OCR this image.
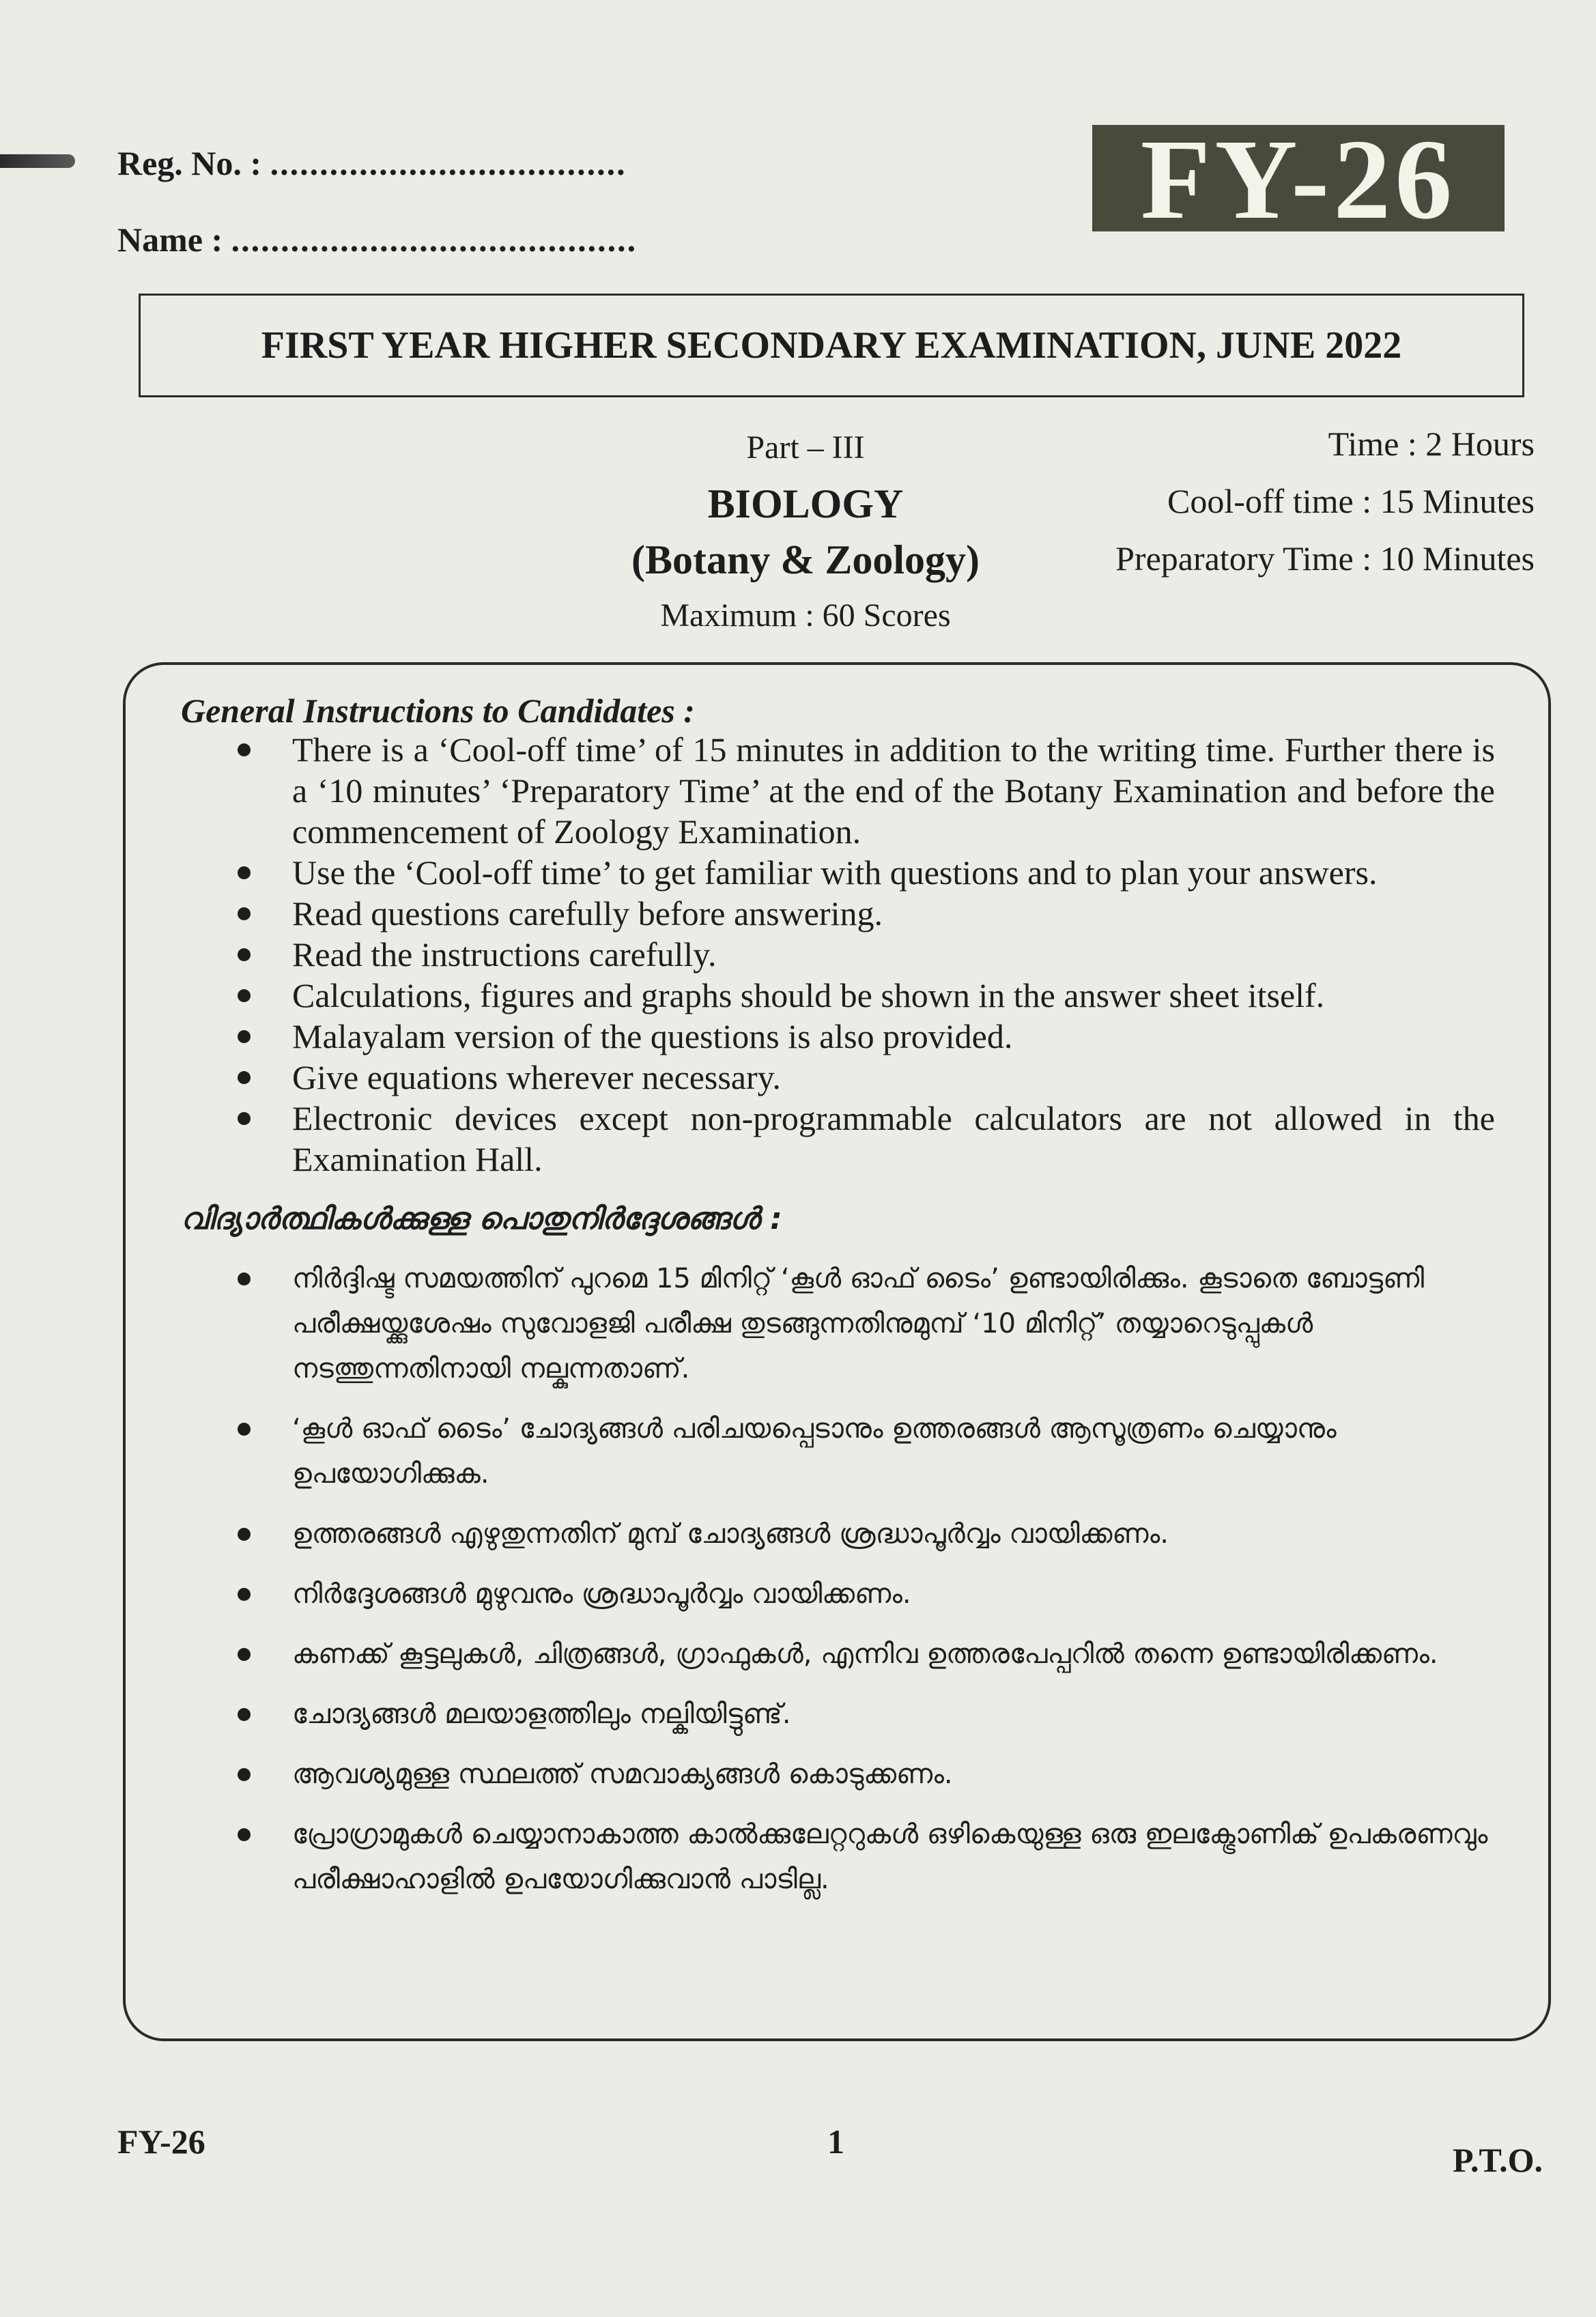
Reg. No. : ....................................
Name : .........................................	FY-26
FIRST YEAR HIGHER SECONDARY EXAMINATION, JUNE 2022
Part – III
BIOLOGY
(Botany & Zoology)
Maximum : 60 Scores
Time : 2 Hours
Cool-off time : 15 Minutes
Preparatory Time : 10 Minutes
General Instructions to Candidates :
There is a ‘Cool-off time’ of 15 minutes in addition to the writing time. Further there is a ‘10 minutes’ ‘Preparatory Time’ at the end of the Botany Examination and before the commencement of Zoology Examination.
Use the ‘Cool-off time’ to get familiar with questions and to plan your answers.
Read questions carefully before answering.
Read the instructions carefully.
Calculations, figures and graphs should be shown in the answer sheet itself.
Malayalam version of the questions is also provided.
Give equations wherever necessary.
Electronic devices except non-programmable calculators are not allowed in the Examination Hall.
വിദ്യാർത്ഥികൾക്കുള്ള പൊതുനിർദ്ദേശങ്ങൾ :
നിർദ്ദിഷ്ട സമയത്തിന് പുറമെ 15 മിനിറ്റ് ‘കൂൾ ഓഫ് ടൈം’ ഉണ്ടായിരിക്കും. കൂടാതെ ബോട്ടണി പരീക്ഷയ്ക്കുശേഷം സുവോളജി പരീക്ഷ തുടങ്ങുന്നതിനുമുമ്പ് ‘10 മിനിറ്റ്’ തയ്യാറെടുപ്പുകൾ നടത്തുന്നതിനായി നല്കുന്നതാണ്.
‘കൂൾ ഓഫ് ടൈം’ ചോദ്യങ്ങൾ പരിചയപ്പെടാനും ഉത്തരങ്ങൾ ആസൂത്രണം ചെയ്യാനും ഉപയോഗിക്കുക.
ഉത്തരങ്ങൾ എഴുതുന്നതിന് മുമ്പ് ചോദ്യങ്ങൾ ശ്രദ്ധാപൂർവ്വം വായിക്കണം.
നിർദ്ദേശങ്ങൾ മുഴുവനും ശ്രദ്ധാപൂർവ്വം വായിക്കണം.
കണക്ക് കൂട്ടലുകൾ, ചിത്രങ്ങൾ, ഗ്രാഫുകൾ, എന്നിവ ഉത്തരപേപ്പറിൽ തന്നെ ഉണ്ടായിരിക്കണം.
ചോദ്യങ്ങൾ മലയാളത്തിലും നല്കിയിട്ടുണ്ട്.
ആവശ്യമുള്ള സ്ഥലത്ത് സമവാക്യങ്ങൾ കൊടുക്കണം.
പ്രോഗ്രാമുകൾ ചെയ്യാനാകാത്ത കാൽക്കുലേറ്ററുകൾ ഒഴികെയുള്ള ഒരു ഇലക്ട്രോണിക് ഉപകരണവും പരീക്ഷാഹാളിൽ ഉപയോഗിക്കുവാൻ പാടില്ല.
FY-26	1	P.T.O.
